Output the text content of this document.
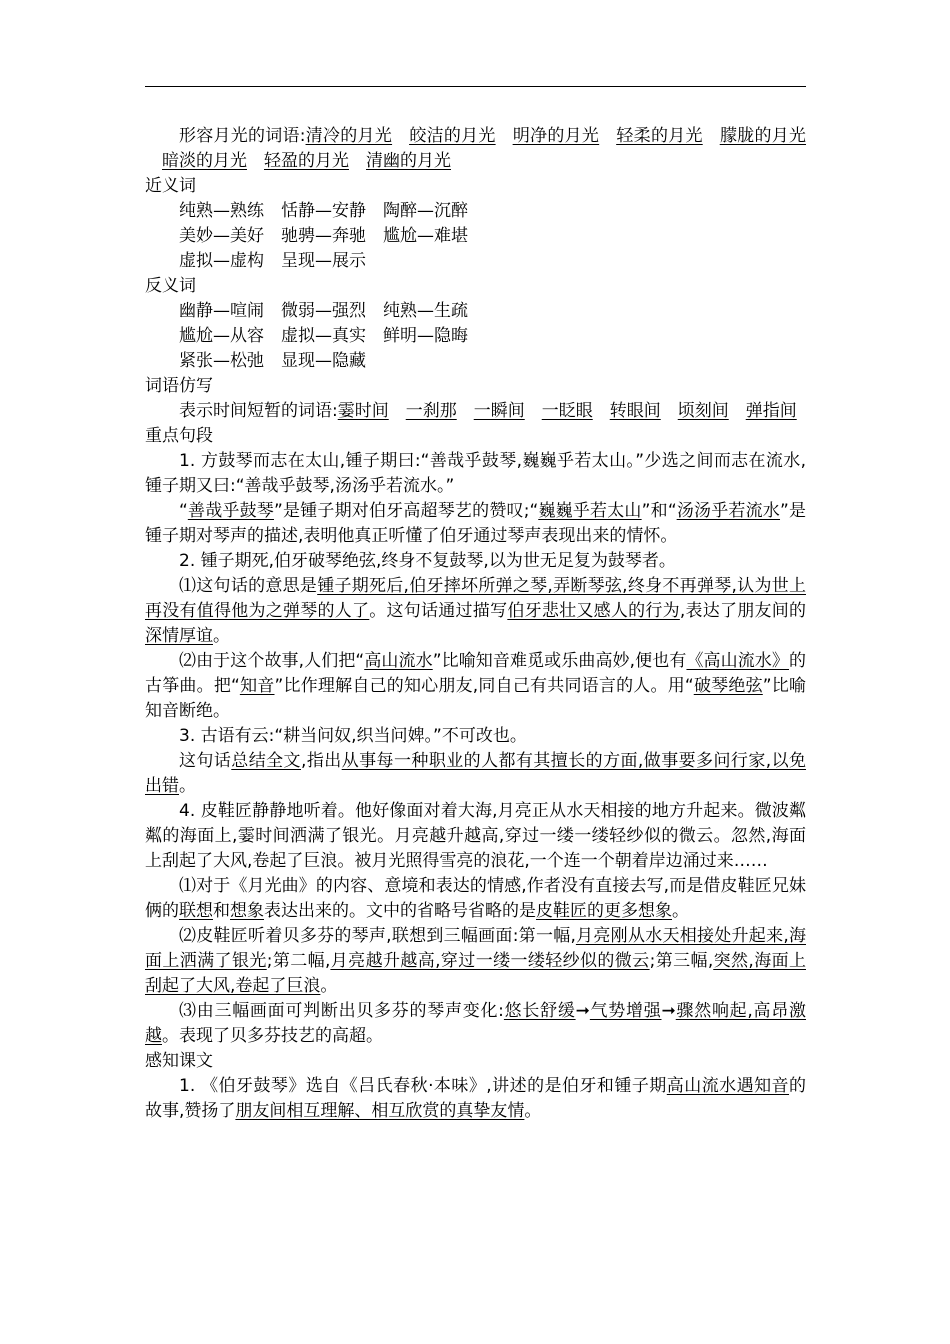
形容月光的词语:清冷的月光 皎洁的月光 明净的月光 轻柔的月光 朦胧的月光暗淡的月光 轻盈的月光 清幽的月光

近义词

纯熟—熟练 恬静—安静 陶醉—沉醉

美妙—美好 驰骋—奔驰 尴尬—难堪

虚拟—虚构 呈现—展示

反义词

幽静—喧闹 微弱—强烈 纯熟—生疏

尴尬—从容 虚拟—真实 鲜明—隐晦

紧张—松弛 显现—隐藏

词语仿写

表示时间短暂的词语:霎时间 一刹那 一瞬间 一眨眼 转眼间 顷刻间 弹指间

重点句段

1. 方鼓琴而志在太山,锺子期曰:“善哉乎鼓琴,巍巍乎若太山。”少选之间而志在流水,锺子期又曰:“善哉乎鼓琴,汤汤乎若流水。”

“善哉乎鼓琴”是锺子期对伯牙高超琴艺的赞叹;“巍巍乎若太山”和“汤汤乎若流水”是锺子期对琴声的描述,表明他真正听懂了伯牙通过琴声表现出来的情怀。

2. 锺子期死,伯牙破琴绝弦,终身不复鼓琴,以为世无足复为鼓琴者。

⑴这句话的意思是锺子期死后,伯牙摔坏所弹之琴,弄断琴弦,终身不再弹琴,认为世上再没有值得他为之弹琴的人了。这句话通过描写伯牙悲壮又感人的行为,表达了朋友间的深情厚谊。

⑵由于这个故事,人们把“高山流水”比喻知音难觅或乐曲高妙,便也有《高山流水》的古筝曲。把“知音”比作理解自己的知心朋友,同自己有共同语言的人。用“破琴绝弦”比喻知音断绝。

3. 古语有云:“耕当问奴,织当问婢。”不可改也。

这句话总结全文,指出从事每一种职业的人都有其擅长的方面,做事要多问行家,以免出错。

4. 皮鞋匠静静地听着。他好像面对着大海,月亮正从水天相接的地方升起来。微波粼粼的海面上,霎时间洒满了银光。月亮越升越高,穿过一缕一缕轻纱似的微云。忽然,海面上刮起了大风,卷起了巨浪。被月光照得雪亮的浪花,一个连一个朝着岸边涌过来……

⑴对于《月光曲》的内容、意境和表达的情感,作者没有直接去写,而是借皮鞋匠兄妹俩的联想和想象表达出来的。文中的省略号省略的是皮鞋匠的更多想象。

⑵皮鞋匠听着贝多芬的琴声,联想到三幅画面:第一幅,月亮刚从水天相接处升起来,海面上洒满了银光;第二幅,月亮越升越高,穿过一缕一缕轻纱似的微云;第三幅,突然,海面上刮起了大风,卷起了巨浪。

⑶由三幅画面可判断出贝多芬的琴声变化:悠长舒缓➞气势增强➞骤然响起,高昂激越。表现了贝多芬技艺的高超。

感知课文

1. 《伯牙鼓琴》选自《吕氏春秋·本味》,讲述的是伯牙和锺子期高山流水遇知音的故事,赞扬了朋友间相互理解、相互欣赏的真挚友情。
